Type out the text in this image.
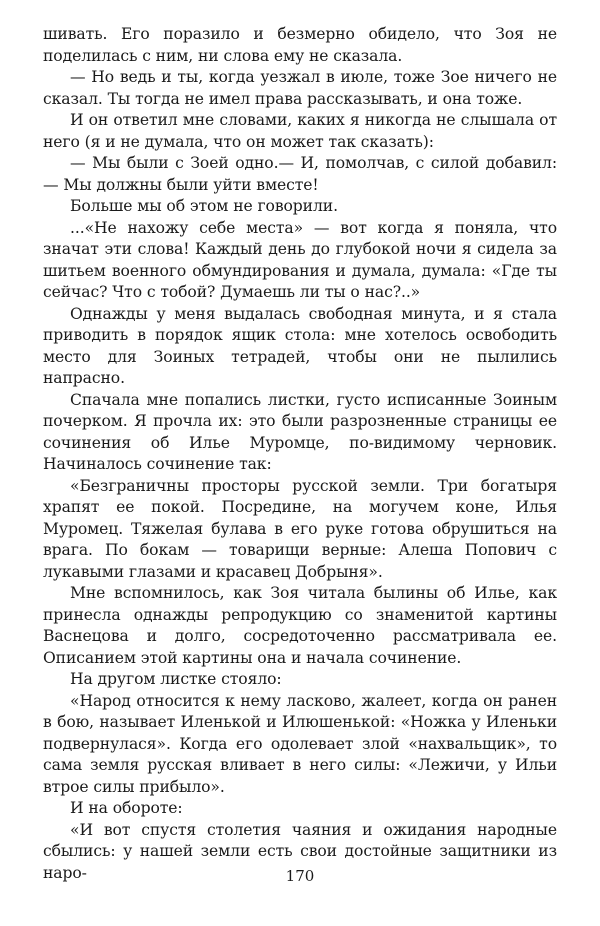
шивать. Его поразило и безмерно обидело, что Зоя не поделилась с ним, ни слова ему не сказала.

— Но ведь и ты, когда уезжал в июле, тоже Зое ничего не сказал. Ты тогда не имел права рассказывать, и она тоже.

И он ответил мне словами, каких я никогда не слышала от него (я и не думала, что он может так сказать):

— Мы были с Зоей одно.— И, помолчав, с силой добавил: — Мы должны были уйти вместе!

Больше мы об этом не говорили.

...«Не нахожу себе места» — вот когда я поняла, что значат эти слова! Каждый день до глубокой ночи я сидела за шитьем военного обмундирования и думала, думала: «Где ты сейчас? Что с тобой? Думаешь ли ты о нас?..»

Однажды у меня выдалась свободная минута, и я стала приводить в порядок ящик стола: мне хотелось освободить место для Зоиных тетрадей, чтобы они не пылились напрасно.

Спачала мне попались листки, густо исписанные Зоиным почерком. Я прочла их: это были разрозненные страницы ее сочинения об Илье Муромце, по-видимому черновик. Начиналось сочинение так:

«Безграничны просторы русской земли. Три богатыря храпят ее покой. Посредине, на могучем коне, Илья Муромец. Тяжелая булава в его руке готова обрушиться на врага. По бокам — товарищи верные: Алеша Попович с лукавыми глазами и красавец Добрыня».

Мне вспомнилось, как Зоя читала былины об Илье, как принесла однажды репродукцию со знаменитой картины Васнецова и долго, сосредоточенно рассматривала ее. Описанием этой картины она и начала сочинение.

На другом листке стояло:

«Народ относится к нему ласково, жалеет, когда он ранен в бою, называет Иленькой и Илюшенькой: «Ножка у Иленьки подвернулася». Когда его одолевает злой «нахвальщик», то сама земля русская вливает в него силы: «Лежичи, у Ильи втрое силы прибыло».

И на обороте:

«И вот спустя столетия чаяния и ожидания народные сбылись: у нашей земли есть свои достойные защитники из наро-	170
